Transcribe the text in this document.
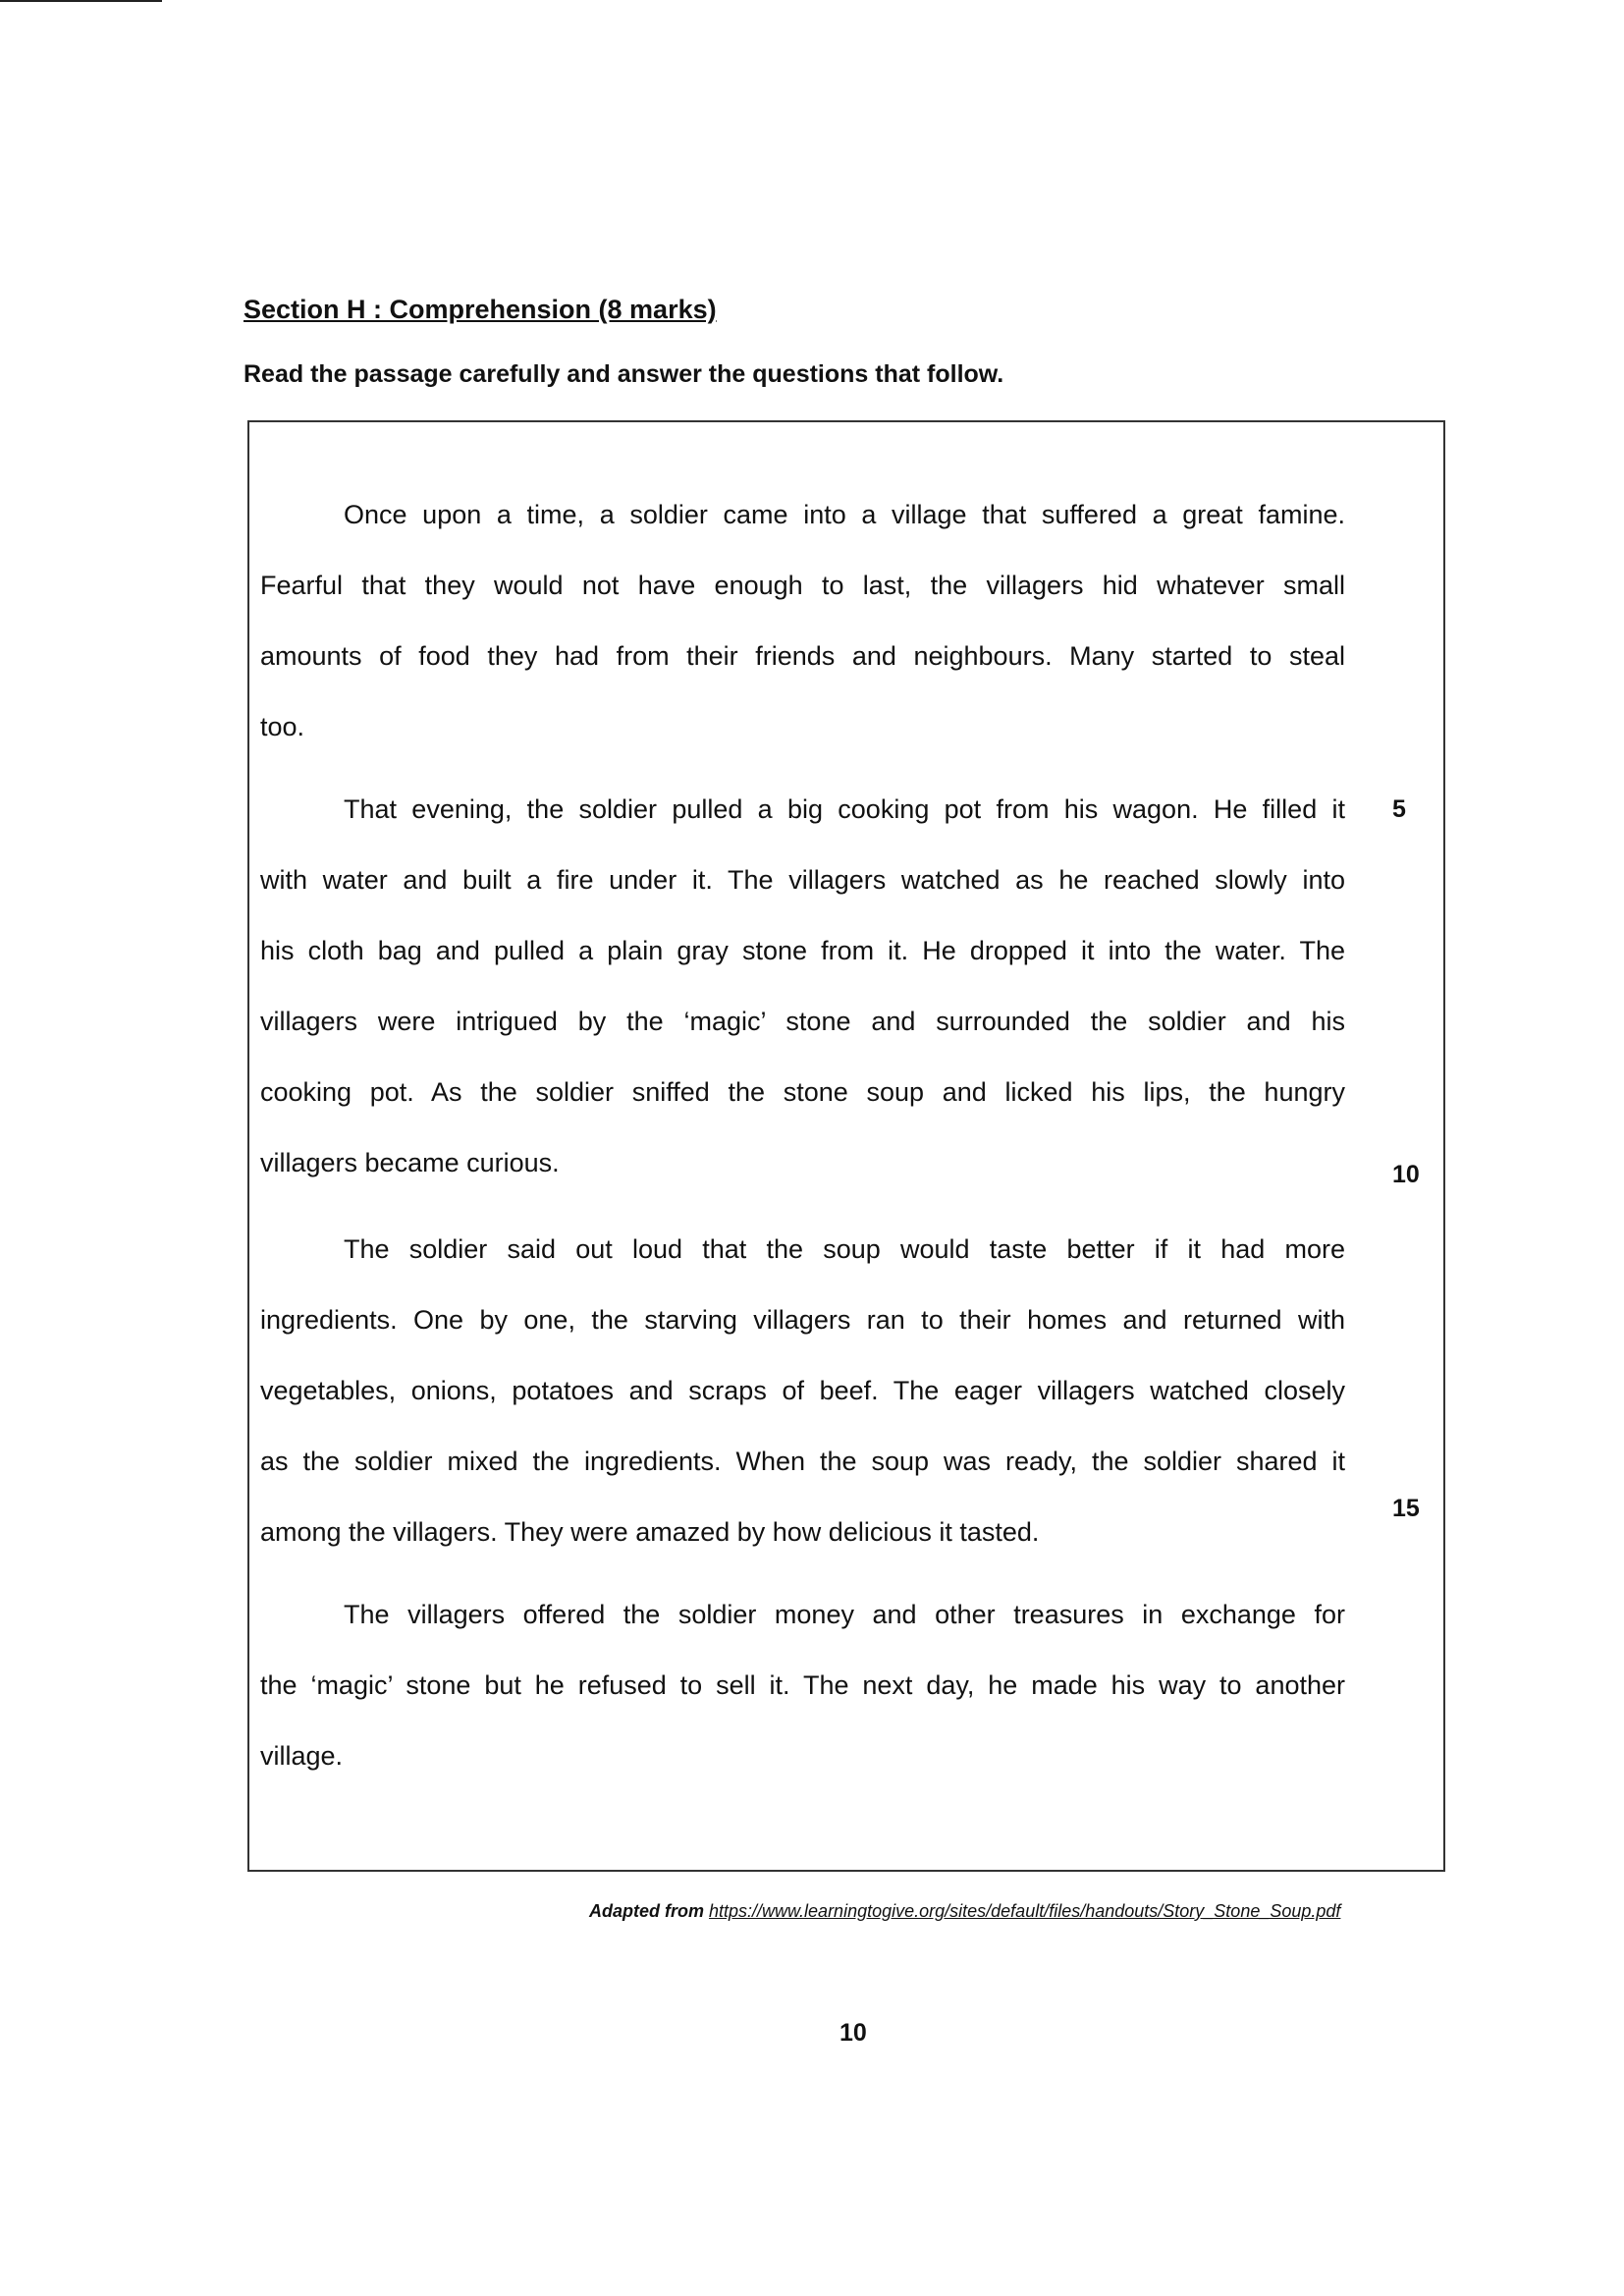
Section H : Comprehension (8 marks)

Read the passage carefully and answer the questions that follow.

Once upon a time, a soldier came into a village that suffered a great famine.
Fearful that they would not have enough to last, the villagers hid whatever small
amounts of food they had from their friends and neighbours. Many started to steal
too.
That evening, the soldier pulled a big cooking pot from his wagon. He filled it
with water and built a fire under it. The villagers watched as he reached slowly into
his cloth bag and pulled a plain gray stone from it. He dropped it into the water. The
villagers were intrigued by the ‘magic’ stone and surrounded the soldier and his
cooking pot. As the soldier sniffed the stone soup and licked his lips, the hungry
villagers became curious.
The soldier said out loud that the soup would taste better if it had more
ingredients. One by one, the starving villagers ran to their homes and returned with
vegetables, onions, potatoes and scraps of beef. The eager villagers watched closely
as the soldier mixed the ingredients. When the soup was ready, the soldier shared it
among the villagers. They were amazed by how delicious it tasted.
The villagers offered the soldier money and other treasures in exchange for
the ‘magic’ stone but he refused to sell it. The next day, he made his way to another
village.
5
10
15
Adapted from https://www.learningtogive.org/sites/default/files/handouts/Story_Stone_Soup.pdf
10
